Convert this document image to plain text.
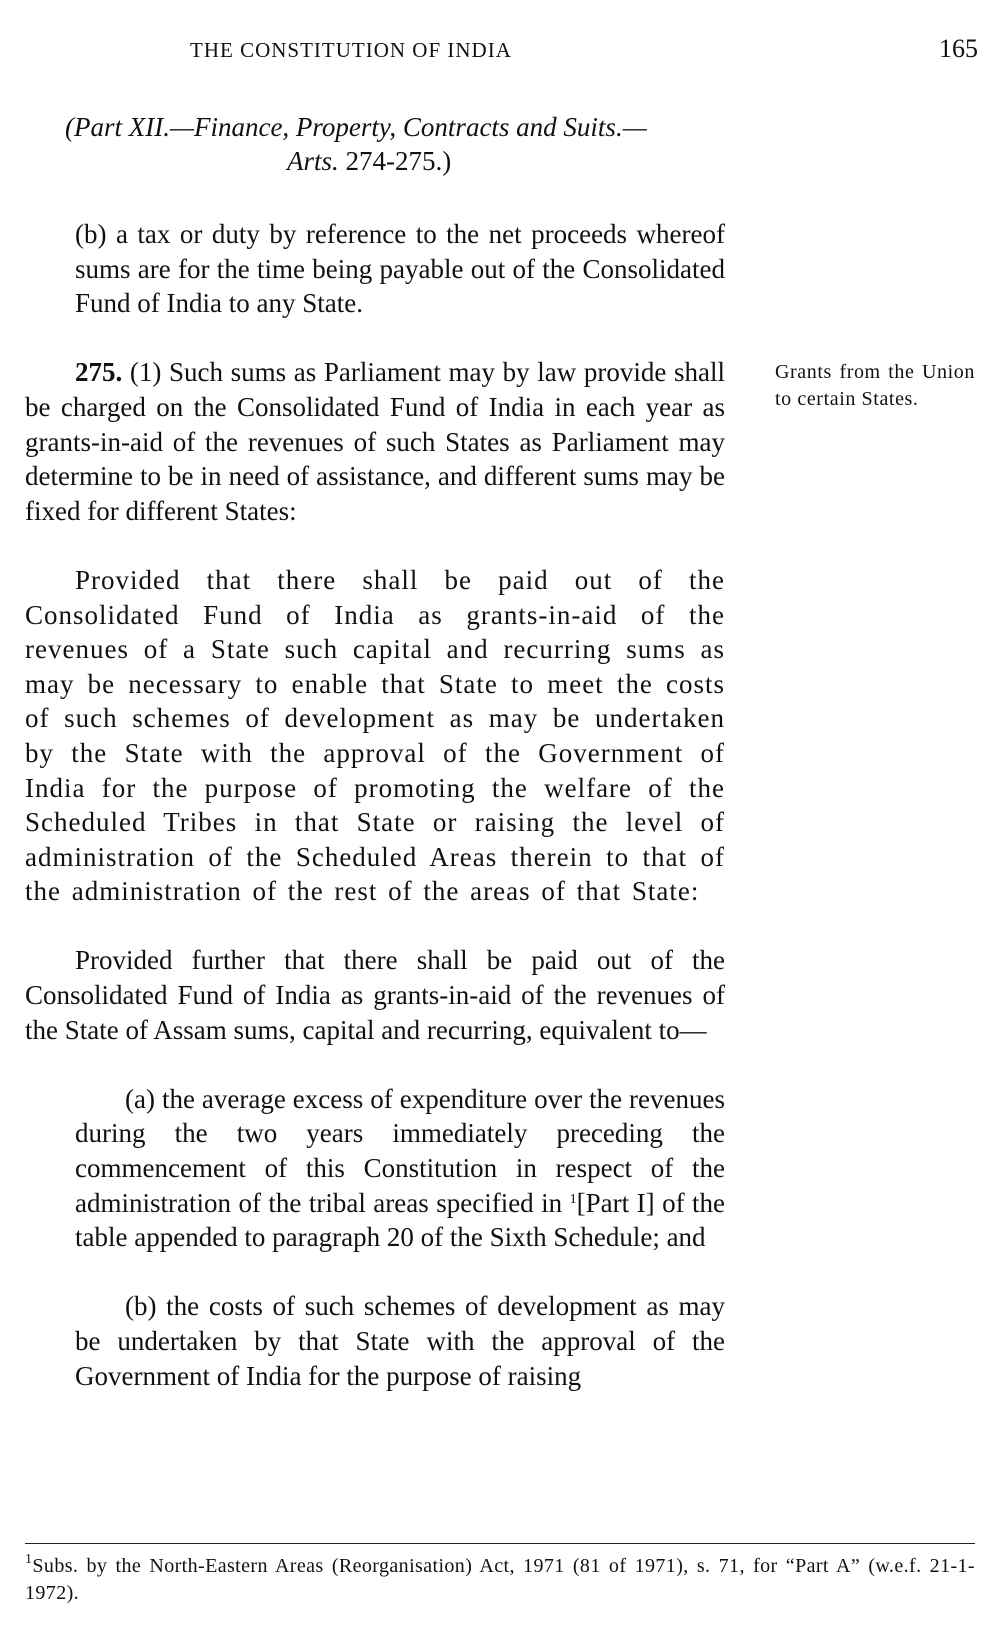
THE CONSTITUTION OF INDIA	165
(Part XII.—Finance, Property, Contracts and Suits.—
Arts. 274-275.)

(b) a tax or duty by reference to the net proceeds whereof sums are for the time being payable out of the Consolidated Fund of India to any State.

275. (1) Such sums as Parliament may by law provide shall be charged on the Consolidated Fund of India in each year as grants-in-aid of the revenues of such States as Parliament may determine to be in need of assistance, and different sums may be fixed for different States:

Provided that there shall be paid out of the Consolidated Fund of India as grants-in-aid of the revenues of a State such capital and recurring sums as may be necessary to enable that State to meet the costs of such schemes of development as may be undertaken by the State with the approval of the Government of India for the purpose of promoting the welfare of the Scheduled Tribes in that State or raising the level of administration of the Scheduled Areas therein to that of the administration of the rest of the areas of that State:

Provided further that there shall be paid out of the Consolidated Fund of India as grants-in-aid of the revenues of the State of Assam sums, capital and recurring, equivalent to—

(a) the average excess of expenditure over the revenues during the two years immediately preceding the commencement of this Constitution in respect of the administration of the tribal areas specified in $^1$[Part I] of the table appended to paragraph 20 of the Sixth Schedule; and

(b) the costs of such schemes of development as may be undertaken by that State with the approval of the Government of India for the purpose of raising

Grants from the Union to certain States.
$^1$Subs. by the North-Eastern Areas (Reorganisation) Act, 1971 (81 of 1971), s. 71, for “Part A” (w.e.f. 21-1-1972).
